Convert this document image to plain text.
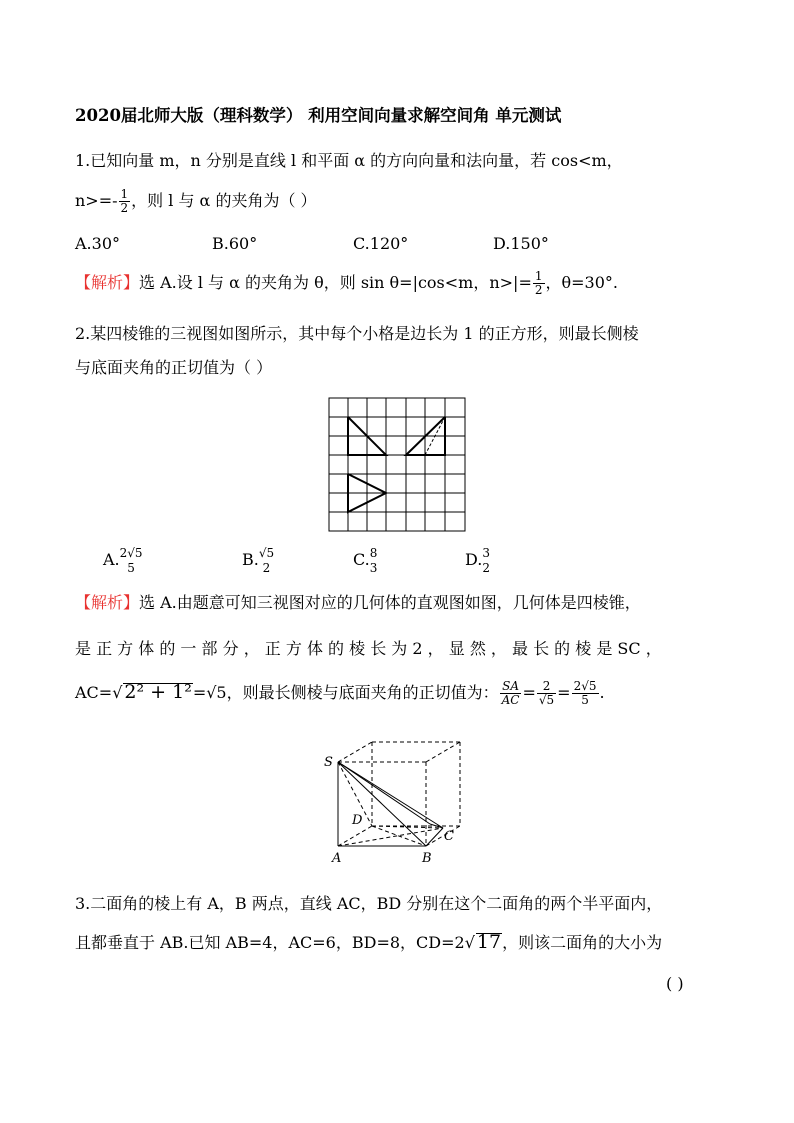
2020届北师大版（理科数学） 利用空间向量求解空间角 单元测试
1.已知向量 m，n 分别是直线 l 和平面 α 的方向向量和法向量，若 cos<m，
$n>=- \frac{1}{2}$ ，则 l 与 α 的夹角为（ ）
A.30°	B.60°	C.120°	D.150°
【解析】选 A.设 l 与 α 的夹角为 θ，则 sin θ=|cos<m，$n>|= \frac{1}{2}$ ，θ=30°.
2.某四棱锥的三视图如图所示，其中每个小格是边长为 1 的正方形，则最长侧棱
与底面夹角的正切值为（ ）
A. 2√5
5	B. √5
2	C. 8
3	D. 3
2
【解析】选 A.由题意可知三视图对应的几何体的直观图如图，几何体是四棱锥，
是 正 方 体 的 一 部 分 ， 正 方 体 的 棱 长 为 2 ， 显 然 ， 最 长 的 棱 是 SC ，
AC=√ 2² + 1²=√5，则最长侧棱与底面夹角的正切值为： $\frac{SA}{AC} = \frac{2}{√5} = \frac{2√5}{5}$ .
S
D
C
A	B
3.二面角的棱上有 A，B 两点，直线 AC，BD 分别在这个二面角的两个半平面内，
且都垂直于 AB.已知 AB=4，AC=6，BD=8，CD=2√ 17，则该二面角的大小为
( )
